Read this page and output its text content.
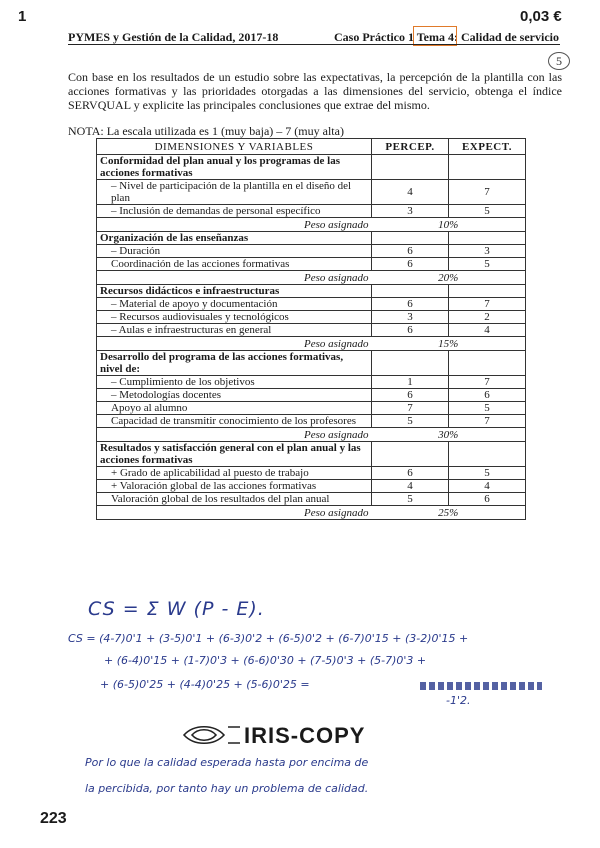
1	0,03 €
PYMES y Gestión de la Calidad, 2017-18	Caso Práctico 1 Tema 4: Calidad de servicio
5
Con base en los resultados de un estudio sobre las expectativas, la percepción de la plantilla con las acciones formativas y las prioridades otorgadas a las dimensiones del servicio, obtenga el índice SERVQUAL y explicite las principales conclusiones que extrae del mismo.
NOTA: La escala utilizada es 1 (muy baja) – 7 (muy alta)
DIMENSIONES Y VARIABLES	PERCEP.	EXPECT.
Conformidad del plan anual y los programas de las acciones formativas		
– Nivel de participación de la plantilla en el diseño del plan	4	7
– Inclusión de demandas de personal específico	3	5
Peso asignado	10%	
Organización de las enseñanzas		
– Duración	6	3
Coordinación de las acciones formativas	6	5
Peso asignado	20%	
Recursos didácticos e infraestructuras		
– Material de apoyo y documentación	6	7
– Recursos audiovisuales y tecnológicos	3	2
– Aulas e infraestructuras en general	6	4
Peso asignado	15%	
Desarrollo del programa de las acciones formativas, nivel de:		
– Cumplimiento de los objetivos	1	7
– Metodologías docentes	6	6
Apoyo al alumno	7	5
Capacidad de transmitir conocimiento de los profesores	5	7
Peso asignado	30%	
Resultados y satisfacción general con el plan anual y las acciones formativas		
+ Grado de aplicabilidad al puesto de trabajo	6	5
+ Valoración global de las acciones formativas	4	4
Valoración global de los resultados del plan anual	5	6
Peso asignado	25%	
CS = Σ W (P - E).
CS = (4-7)0'1 + (3-5)0'1 + (6-3)0'2 + (6-5)0'2 + (6-7)0'15 + (3-2)0'15 +
+ (6-4)0'15 + (1-7)0'3 + (6-6)0'30 + (7-5)0'3 + (5-7)0'3 +
+ (6-5)0'25 + (4-4)0'25 + (5-6)0'25 =
-1'2.
IRIS-COPY
Por lo que la calidad esperada hasta por encima de
la percibida, por tanto hay un problema de calidad.
223
